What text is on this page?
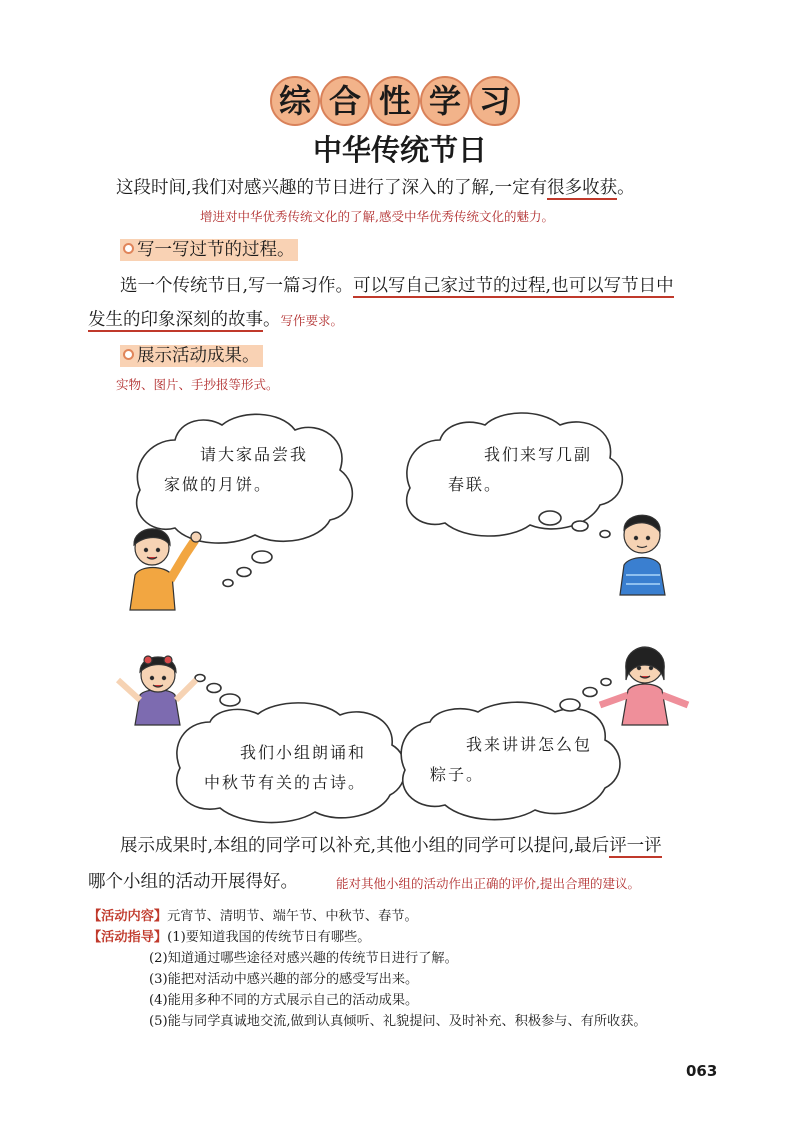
综 合 性 学 习
中华传统节日
这段时间,我们对感兴趣的节日进行了深入的了解,一定有很多收获。
增进对中华优秀传统文化的了解,感受中华优秀传统文化的魅力。
写一写过节的过程。
选一个传统节日,写一篇习作。可以写自己家过节的过程,也可以写节日中
发生的印象深刻的故事。写作要求。
展示活动成果。
实物、图片、手抄报等形式。
请大家品尝我
家做的月饼。
我们来写几副
春联。
我们小组朗诵和
中秋节有关的古诗。
我来讲讲怎么包
粽子。
展示成果时,本组的同学可以补充,其他小组的同学可以提问,最后评一评
哪个小组的活动开展得好。	能对其他小组的活动作出正确的评价,提出合理的建议。
【活动内容】元宵节、清明节、端午节、中秋节、春节。
【活动指导】(1)要知道我国的传统节日有哪些。
(2)知道通过哪些途径对感兴趣的传统节日进行了解。
(3)能把对活动中感兴趣的部分的感受写出来。
(4)能用多种不同的方式展示自己的活动成果。
(5)能与同学真诚地交流,做到认真倾听、礼貌提问、及时补充、积极参与、有所收获。
063
